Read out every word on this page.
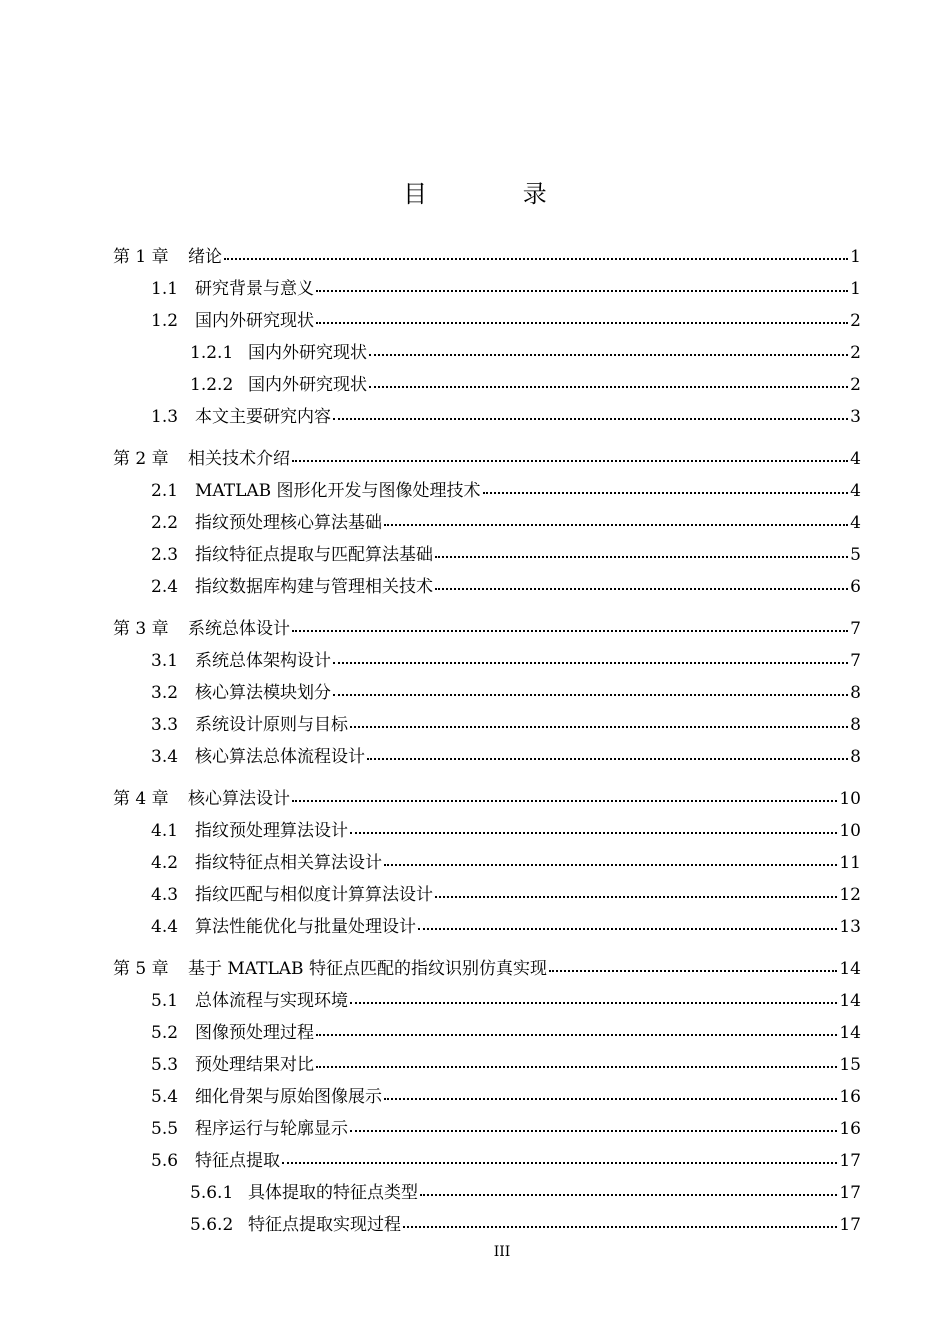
目 录
第 1 章	绪论	1
1.1 研究背景与意义	1
1.2 国内外研究现状	2
1.2.1 国内外研究现状	2
1.2.2 国内外研究现状	2
1.3 本文主要研究内容	3
第 2 章	相关技术介绍	4
2.1 MATLAB 图形化开发与图像处理技术	4
2.2 指纹预处理核心算法基础	4
2.3 指纹特征点提取与匹配算法基础	5
2.4 指纹数据库构建与管理相关技术	6
第 3 章	系统总体设计	7
3.1 系统总体架构设计	7
3.2 核心算法模块划分	8
3.3 系统设计原则与目标	8
3.4 核心算法总体流程设计	8
第 4 章	核心算法设计	10
4.1 指纹预处理算法设计	10
4.2 指纹特征点相关算法设计	11
4.3 指纹匹配与相似度计算算法设计	12
4.4 算法性能优化与批量处理设计	13
第 5 章	基于 MATLAB 特征点匹配的指纹识别仿真实现	14
5.1 总体流程与实现环境	14
5.2 图像预处理过程	14
5.3 预处理结果对比	15
5.4 细化骨架与原始图像展示	16
5.5 程序运行与轮廓显示	16
5.6 特征点提取	17
5.6.1 具体提取的特征点类型	17
5.6.2 特征点提取实现过程	17
III
